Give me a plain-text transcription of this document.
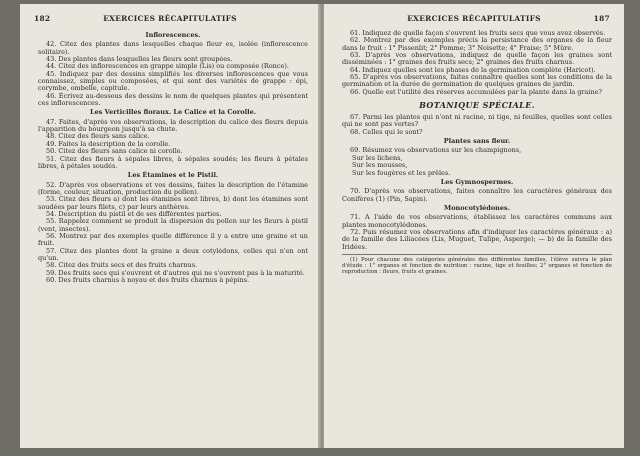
EXERCICES RÉCAPITULATIFS
182

Inflorescences.

42. Citez des plantes dans lesquelles chaque fleur es, isolée (inflorescence solitaire).

43. Des plantes dans lesquelles les fleurs sont groupées.

44. Citez des inflorescences en grappe simple (Lis) ou composée (Ronce).

45. Indiquez par des dessins simplifiés les diverses inflorescences que vous connaissez, simples ou composées, et qui sont des variétés de grappe : épi, corymbe, ombelle, capitule.

46. Écrivez au-dessous des dessins le nom de quelques plantes qui présentent ces inflorescences.

Les Verticilles floraux. Le Calice et la Corolle.

47. Faites, d'après vos observations, la description du calice des fleurs depuis l'apparition du bourgeon jusqu'à sa chute.

48. Citez des fleurs sans calice.

49. Faites la description de la corolle.

50. Citez des fleurs sans calice ni corolle.

51. Citez des fleurs à sépales libres, à sépales soudés; les fleurs à pétales libres, à pétales soudés.

Les Étamines et le Pistil.

52. D'après vos observations et vos dessins, faites la description de l'étamine (forme, couleur, situation, production du pollen).

53. Citez des fleurs a) dont les étamines sont libres, b) dont les étamines sont soudées par leurs filets, c) par leurs anthères.

54. Description du pistil et de ses différentes parties.

55. Rappelez comment se produit la dispersion du pollen sur les fleurs à pistil (vent, insectes).

56. Montrez par des exemples quelle différence il y a entre une graine et un fruit.

57. Citez des plantes dont la graine a deux cotylédons, celles qui n'en ont qu'un.

58. Citez des fruits secs et des fruits charnus.

59. Des fruits secs qui s'ouvrent et d'autres qui ne s'ouvrent pas à la maturité.

60. Des fruits charnus à noyau et des fruits charnus à pépins.

EXERCICES RÉCAPITULATIFS	187

61. Indiquez de quelle façon s'ouvrent les fruits secs que vous avez observés.

62. Montrez par des exemples précis la persistance des organes de la fleur dans le fruit : 1° Pissenlit; 2° Pomme; 3° Noisette; 4° Fraise; 5° Mûre.

63. D'après vos observations, indiquez de quelle façon les graines sont disséminées : 1° graines des fruits secs; 2° graines des fruits charnus.

64. Indiquez quelles sont les phases de la germination complète (Haricot).

65. D'après vos observations, faites connaître quelles sont les conditions de la germination et la durée de germination de quelques graines de jardin.

66. Quelle est l'utilité des réserves accumulées par la plante dans la graine?

BOTANIQUE SPÉCIALE.

67. Parmi les plantes qui n'ont ni racine, ni tige, ni feuilles, quelles sont celles qui ne sont pas vertes?

68. Celles qui le sont?

Plantes sans fleur.

69. Résumez vos observations sur les champignons,

Sur les lichens,

Sur les mousses,

Sur les fougères et les prêles.

Les Gymnospermes.

70. D'après vos observations, faites connaître les caractères généraux des Conifères (1) (Pin, Sapin).

Monocotylédones.

71. A l'aide de vos observations, établissez les caractères communs aux plantes monocotylédones.

72. Puis résumez vos observations afin d'indiquer les caractères généraux : a) de la famille des Liliacées (Lis, Muguet, Tulipe, Asperge); — b) de la famille des Iridées.

(1) Pour chacune des catégories générales des différentes familles, l'élève suivra le plan d'étude : 1° organes et fonction de nutrition : racine, tige et feuilles; 2° organes et fonction de reproduction : fleurs, fruits et graines.
